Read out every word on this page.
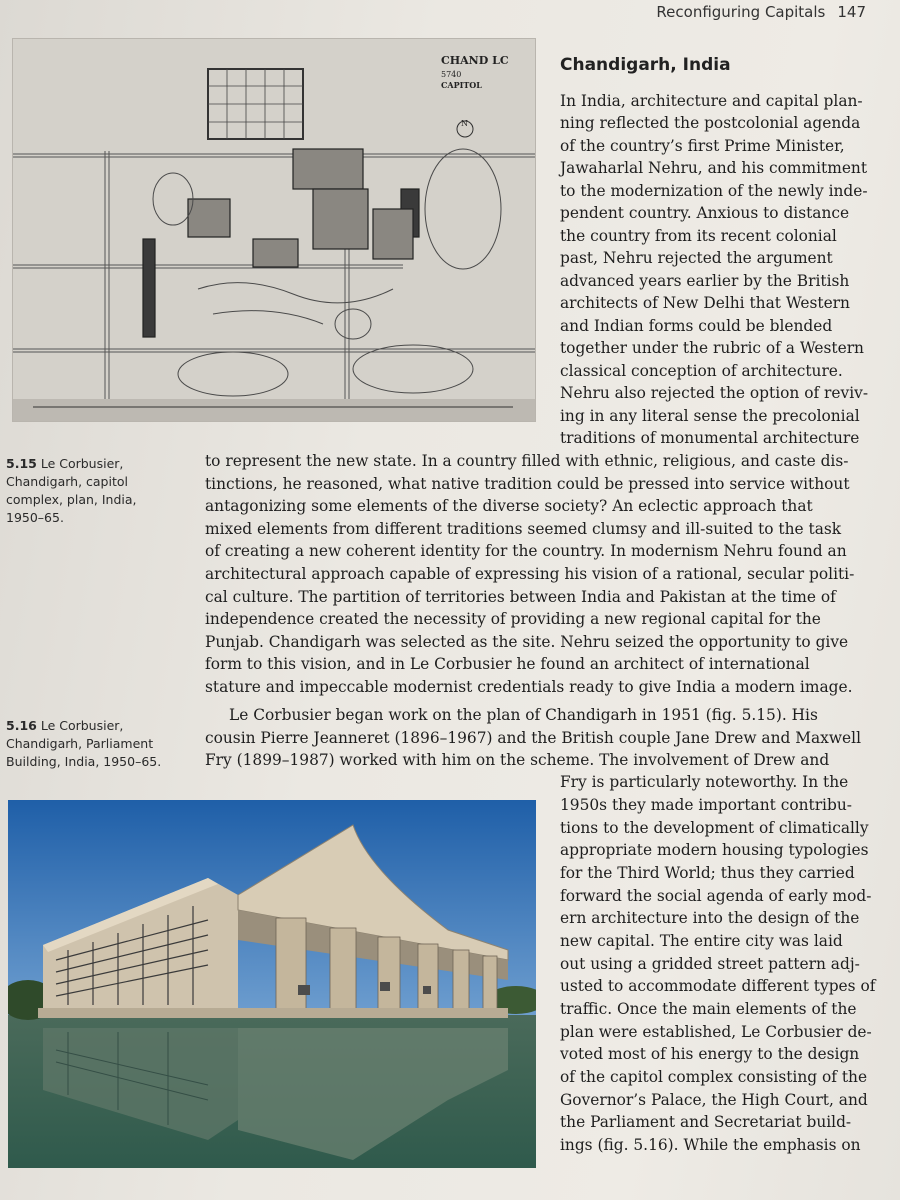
Reconfiguring Capitals 147
CHAND LC
5740
CAPITOL
N
Chandigarh, India
5.15 Le Corbusier,
Chandigarh, capitol
complex, plan, India,
1950–65.
5.16 Le Corbusier,
Chandigarh, Parliament
Building, India, 1950–65.
In India, architecture and capital plan-
ning reflected the postcolonial agenda
of the country’s first Prime Minister,
Jawaharlal Nehru, and his commitment
to the modernization of the newly inde-
pendent country. Anxious to distance
the country from its recent colonial
past, Nehru rejected the argument
advanced years earlier by the British
architects of New Delhi that Western
and Indian forms could be blended
together under the rubric of a Western
classical conception of architecture.
Nehru also rejected the option of reviv-
ing in any literal sense the precolonial
traditions of monumental architecture
to represent the new state. In a country filled with ethnic, religious, and caste dis-
tinctions, he reasoned, what native tradition could be pressed into service without
antagonizing some elements of the diverse society? An eclectic approach that
mixed elements from different traditions seemed clumsy and ill-suited to the task
of creating a new coherent identity for the country. In modernism Nehru found an
architectural approach capable of expressing his vision of a rational, secular politi-
cal culture. The partition of territories between India and Pakistan at the time of
independence created the necessity of providing a new regional capital for the
Punjab. Chandigarh was selected as the site. Nehru seized the opportunity to give
form to this vision, and in Le Corbusier he found an architect of international
stature and impeccable modernist credentials ready to give India a modern image.
Le Corbusier began work on the plan of Chandigarh in 1951 (fig. 5.15). His
cousin Pierre Jeanneret (1896–1967) and the British couple Jane Drew and Maxwell
Fry (1899–1987) worked with him on the scheme. The involvement of Drew and
Fry is particularly noteworthy. In the
1950s they made important contribu-
tions to the development of climatically
appropriate modern housing typologies
for the Third World; thus they carried
forward the social agenda of early mod-
ern architecture into the design of the
new capital. The entire city was laid
out using a gridded street pattern adj-
usted to accommodate different types of
traffic. Once the main elements of the
plan were established, Le Corbusier de-
voted most of his energy to the design
of the capitol complex consisting of the
Governor’s Palace, the High Court, and
the Parliament and Secretariat build-
ings (fig. 5.16). While the emphasis on
